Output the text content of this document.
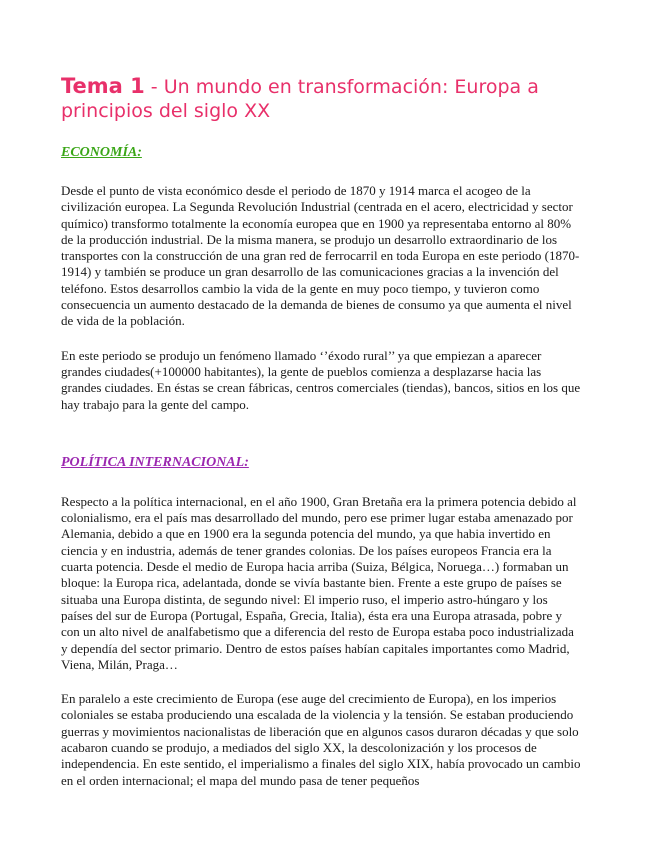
Tema 1 - Un mundo en transformación: Europa a principios del siglo XX
ECONOMÍA:

Desde el punto de vista económico desde el periodo de 1870 y 1914 marca el acogeo de la civilización europea. La Segunda Revolución Industrial (centrada en el acero, electricidad y sector químico) transformo totalmente la economía europea que en 1900 ya representaba entorno al 80% de la producción industrial. De la misma manera, se produjo un desarrollo extraordinario de los transportes con la construcción de una gran red de ferrocarril en toda Europa en este periodo (1870-1914) y también se produce un gran desarrollo de las comunicaciones gracias a la invención del teléfono. Estos desarrollos cambio la vida de la gente en muy poco tiempo, y tuvieron como consecuencia un aumento destacado de la demanda de bienes de consumo ya que aumenta el nivel de vida de la población.

En este periodo se produjo un fenómeno llamado ‘’éxodo rural’’ ya que empiezan a aparecer grandes ciudades(+100000 habitantes), la gente de pueblos comienza a desplazarse hacia las grandes ciudades. En éstas se crean fábricas, centros comerciales (tiendas), bancos, sitios en los que hay trabajo para la gente del campo.

POLÍTICA INTERNACIONAL:

Respecto a la política internacional, en el año 1900, Gran Bretaña era la primera potencia debido al colonialismo, era el país mas desarrollado del mundo, pero ese primer lugar estaba amenazado por Alemania, debido a que en 1900 era la segunda potencia del mundo, ya que habia invertido en ciencia y en industria, además de tener grandes colonias. De los países europeos Francia era la cuarta potencia. Desde el medio de Europa hacia arriba (Suiza, Bélgica, Noruega…) formaban un bloque: la Europa rica, adelantada, donde se vivía bastante bien. Frente a este grupo de países se situaba una Europa distinta, de segundo nivel: El imperio ruso, el imperio astro-húngaro y los países del sur de Europa (Portugal, España, Grecia, Italia), ésta era una Europa atrasada, pobre y con un alto nivel de analfabetismo que a diferencia del resto de Europa estaba poco industrializada y dependía del sector primario. Dentro de estos países habían capitales importantes como Madrid, Viena, Milán, Praga…

En paralelo a este crecimiento de Europa (ese auge del crecimiento de Europa), en los imperios coloniales se estaba produciendo una escalada de la violencia y la tensión. Se estaban produciendo guerras y movimientos nacionalistas de liberación que en algunos casos duraron décadas y que solo acabaron cuando se produjo, a mediados del siglo XX, la descolonización y los procesos de independencia. En este sentido, el imperialismo a finales del siglo XIX, había provocado un cambio en el orden internacional; el mapa del mundo pasa de tener pequeños
